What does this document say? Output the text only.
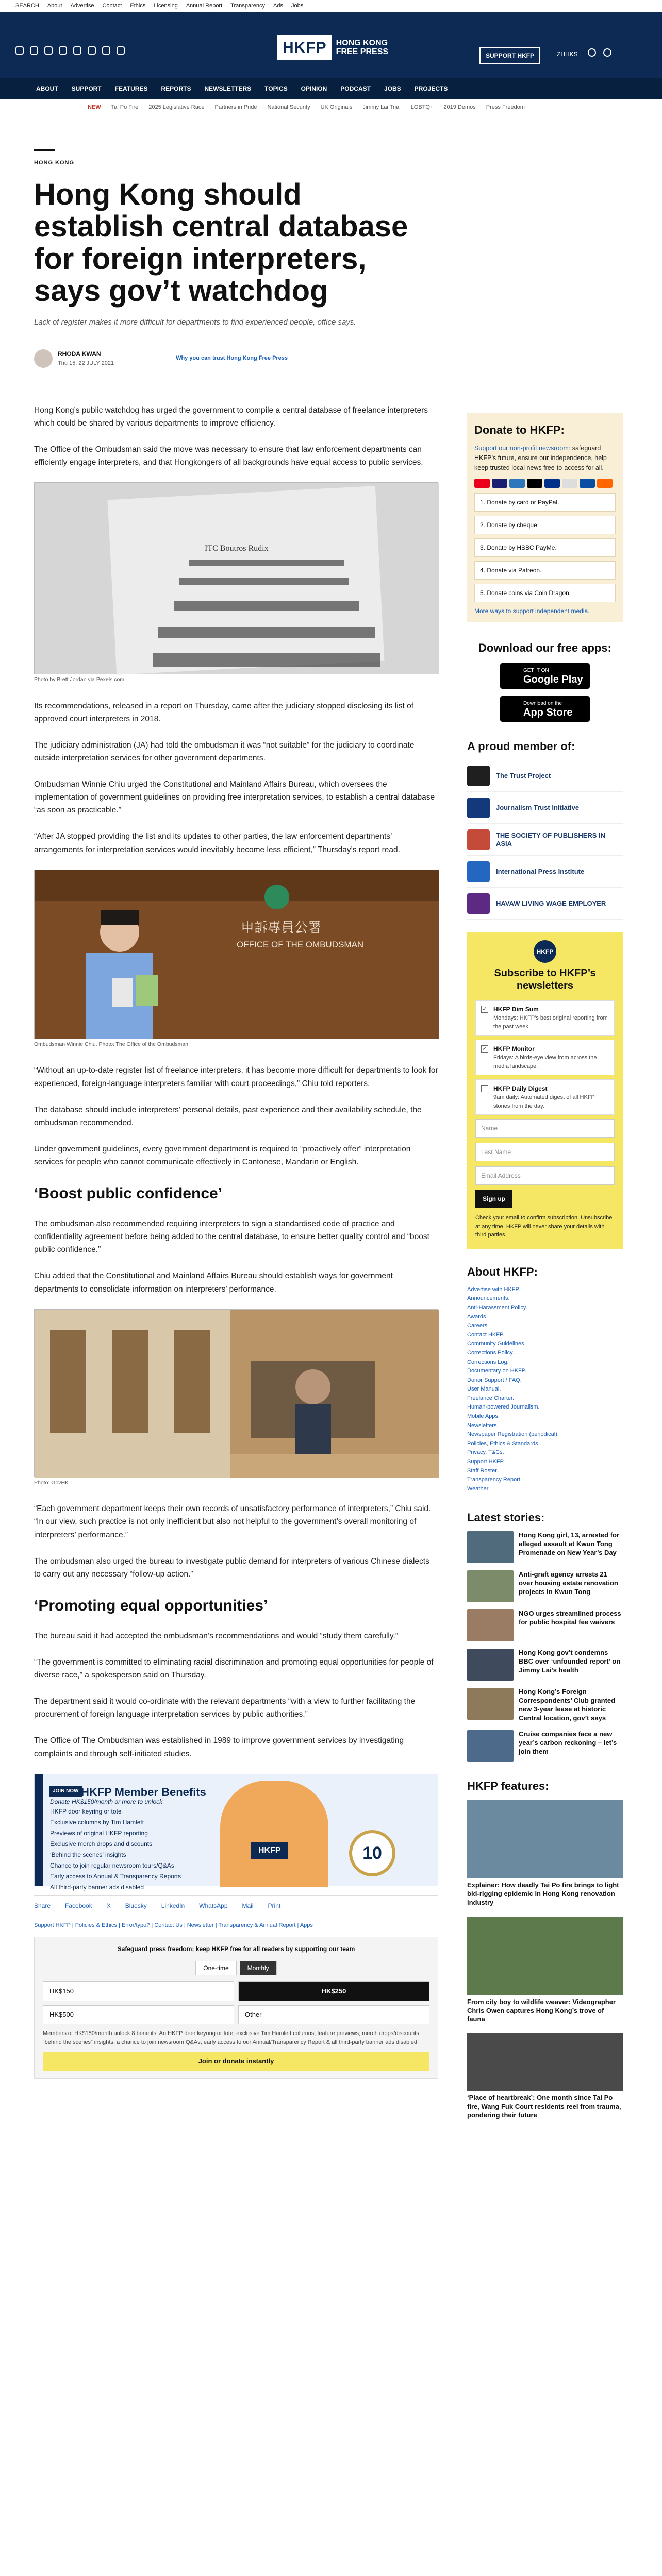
SEARCH About Advertise Contact Ethics Licensing Annual Report Transparency Ads Jobs
HKFP	HONG KONG
FREE PRESS	SUPPORT HKFP	ZHHKS
ABOUT SUPPORT FEATURES REPORTS NEWSLETTERS TOPICS OPINION PODCAST JOBS PROJECTS
NEW Tai Po Fire 2025 Legislative Race Partners in Pride National Security UK Originals Jimmy Lai Trial LGBTQ+ 2019 Demos Press Freedom
HONG KONG
Hong Kong should establish central database for foreign interpreters, says gov’t watchdog
Lack of register makes it more difficult for departments to find experienced people, office says.
RHODA KWAN
Thu 15: 22 JULY 2021
Why you can trust Hong Kong Free Press

Hong Kong’s public watchdog has urged the government to compile a central database of freelance interpreters which could be shared by various departments to improve efficiency.

The Office of the Ombudsman said the move was necessary to ensure that law enforcement departments can efficiently engage interpreters, and that Hongkongers of all backgrounds have equal access to public services.

ITC Boutros Rudix
Photo by Brett Jordan via Pexels.com.

Its recommendations, released in a report on Thursday, came after the judiciary stopped disclosing its list of approved court interpreters in 2018.

The judiciary administration (JA) had told the ombudsman it was “not suitable” for the judiciary to coordinate outside interpretation services for other government departments.

Ombudsman Winnie Chiu urged the Constitutional and Mainland Affairs Bureau, which oversees the implementation of government guidelines on providing free interpretation services, to establish a central database “as soon as practicable.”

“After JA stopped providing the list and its updates to other parties, the law enforcement departments’ arrangements for interpretation services would inevitably become less efficient,” Thursday’s report read.

申訴專員公署
OFFICE OF THE OMBUDSMAN
Ombudsman Winnie Chiu. Photo: The Office of the Ombudsman.

“Without an up-to-date register list of freelance interpreters, it has become more difficult for departments to look for experienced, foreign-language interpreters familiar with court proceedings,” Chiu told reporters.

The database should include interpreters’ personal details, past experience and their availability schedule, the ombudsman recommended.

Under government guidelines, every government department is required to “proactively offer” interpretation services for people who cannot communicate effectively in Cantonese, Mandarin or English.

‘Boost public confidence’

The ombudsman also recommended requiring interpreters to sign a standardised code of practice and confidentiality agreement before being added to the central database, to ensure better quality control and “boost public confidence.”

Chiu added that the Constitutional and Mainland Affairs Bureau should establish ways for government departments to consolidate information on interpreters’ performance.

Photo: GovHK.

“Each government department keeps their own records of unsatisfactory performance of interpreters,” Chiu said. “In our view, such practice is not only inefficient but also not helpful to the government’s overall monitoring of interpreters’ performance.”

The ombudsman also urged the bureau to investigate public demand for interpreters of various Chinese dialects to carry out any necessary “follow-up action.”

‘Promoting equal opportunities’

The bureau said it had accepted the ombudsman’s recommendations and would “study them carefully.”

“The government is committed to eliminating racial discrimination and promoting equal opportunities for people of diverse race,” a spokesperson said on Thursday.

The department said it would co-ordinate with the relevant departments “with a view to further facilitating the procurement of foreign language interpretation services by public authorities.”

The Office of The Ombudsman was established in 1989 to improve government services by investigating complaints and through self-initiated studies.

JOIN NOW HKFP Member Benefits
Donate HK$150/month or more to unlock
HKFP door keyring or tote
Exclusive columns by Tim Hamlett
Previews of original HKFP reporting
Exclusive merch drops and discounts
‘Behind the scenes’ insights
Chance to join regular newsroom tours/Q&As
Early access to Annual & Transparency Reports
All third-party banner ads disabled
HKFP	10
Share Facebook X Bluesky LinkedIn WhatsApp Mail Print
Support HKFP | Policies & Ethics | Error/typo? | Contact Us | Newsletter | Transparency & Annual Report | Apps
Safeguard press freedom; keep HKFP free for all readers by supporting our team
One-time	Monthly
HK$150	HK$250
HK$500	Other
Members of HK$150/month unlock 8 benefits: An HKFP deer keyring or tote; exclusive Tim Hamlett columns; feature previews; merch drops/discounts; “behind the scenes” insights; a chance to join newsroom Q&As; early access to our Annual/Transparency Report & all third-party banner ads disabled.
Join or donate instantly
Donate to HKFP:
Support our non-profit newsroom: safeguard HKFP’s future, ensure our independence, help keep trusted local news free-to-access for all.
1. Donate by card or PayPal.
2. Donate by cheque.
3. Donate by HSBC PayMe.
4. Donate via Patreon.
5. Donate coins via Coin Dragon.
More ways to support independent media.
Download our free apps:
GET IT ON
Google Play
Download on the
App Store
A proud member of:
The Trust Project
Journalism Trust Initiative
THE SOCIETY OF PUBLISHERS IN ASIA
International Press Institute
HAVAW LIVING WAGE EMPLOYER
HKFP
Subscribe to HKFP’s newsletters
✓ HKFP Dim Sum
Mondays: HKFP’s best original reporting from the past week.
✓ HKFP Monitor
Fridays: A birds-eye view from across the media landscape.
HKFP Daily Digest
9am daily: Automated digest of all HKFP stories from the day.
Name
Last Name
Email Address
Sign up
Check your email to confirm subscription. Unsubscribe at any time. HKFP will never share your details with third parties.
About HKFP:
Advertise with HKFP.
Announcements.
Anti-Harassment Policy.
Awards.
Careers.
Contact HKFP.
Community Guidelines.
Corrections Policy.
Corrections Log.
Documentary on HKFP.
Donor Support / FAQ.
User Manual.
Freelance Charter.
Human-powered Journalism.
Mobile Apps.
Newsletters.
Newspaper Registration (periodical).
Policies, Ethics & Standards.
Privacy, T&Cs.
Support HKFP.
Staff Roster.
Transparency Report.
Weather.
Latest stories:
Hong Kong girl, 13, arrested for alleged assault at Kwun Tong Promenade on New Year’s Day
Anti-graft agency arrests 21 over housing estate renovation projects in Kwun Tong
NGO urges streamlined process for public hospital fee waivers
Hong Kong gov’t condemns BBC over ‘unfounded report’ on Jimmy Lai’s health
Hong Kong’s Foreign Correspondents’ Club granted new 3-year lease at historic Central location, gov’t says
Cruise companies face a new year’s carbon reckoning – let’s join them
HKFP features:
Explainer: How deadly Tai Po fire brings to light bid-rigging epidemic in Hong Kong renovation industry
From city boy to wildlife weaver: Videographer Chris Owen captures Hong Kong’s trove of fauna
‘Place of heartbreak’: One month since Tai Po fire, Wang Fuk Court residents reel from trauma, pondering their future
